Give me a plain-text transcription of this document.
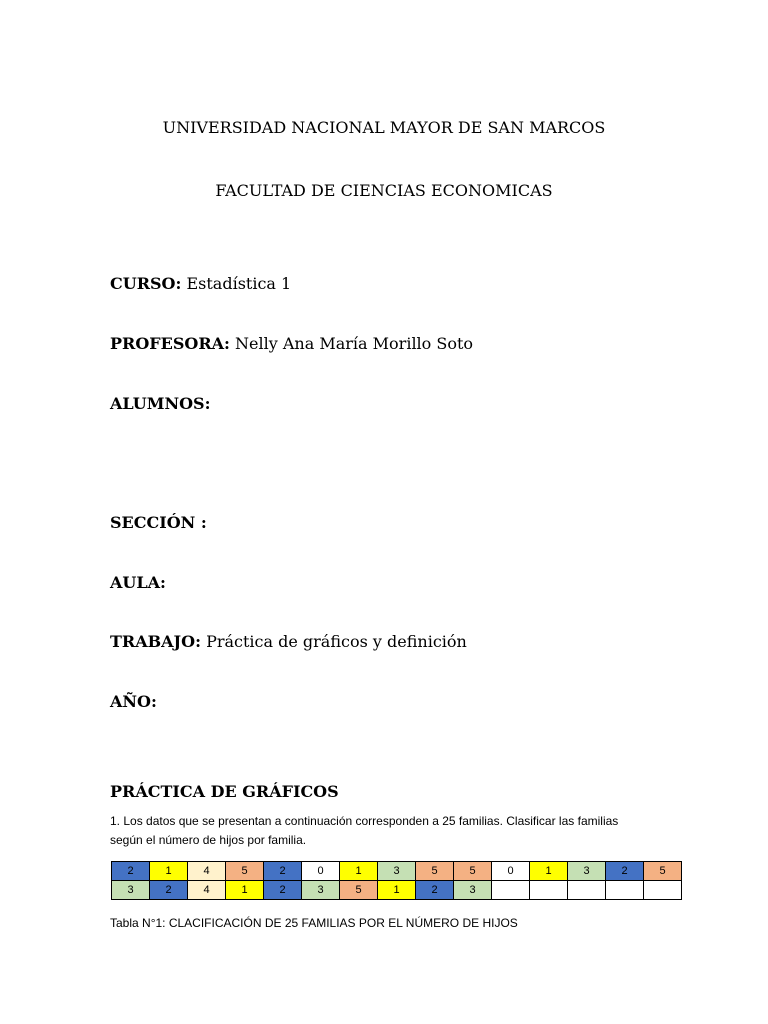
UNIVERSIDAD NACIONAL MAYOR DE SAN MARCOS
FACULTAD DE CIENCIAS ECONOMICAS
CURSO: Estadística 1
PROFESORA: Nelly Ana María Morillo Soto
ALUMNOS:
SECCIÓN :
AULA:
TRABAJO: Práctica de gráficos y definición
AÑO:
PRÁCTICA DE GRÁFICOS
1. Los datos que se presentan a continuación corresponden a 25 familias. Clasificar las familias
según el número de hijos por familia.
2	1	4	5	2	0	1	3	5	5	0	1	3	2	5
3	2	4	1	2	3	5	1	2	3					
Tabla N°1: CLACIFICACIÓN DE 25 FAMILIAS POR EL NÚMERO DE HIJOS
